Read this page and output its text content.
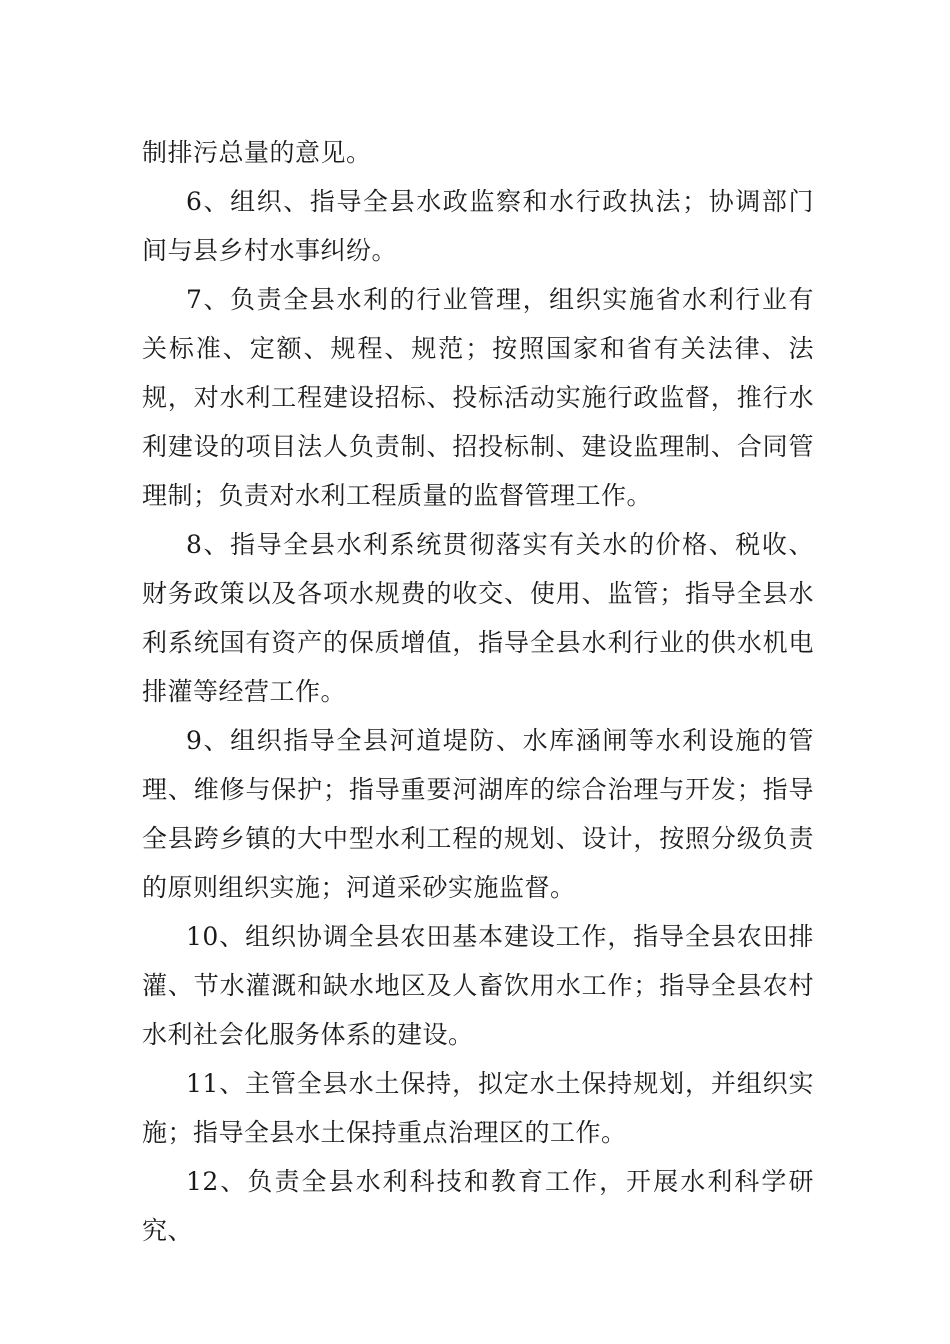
制排污总量的意见。

6、组织、指导全县水政监察和水行政执法；协调部门间与县乡村水事纠纷。

7、负责全县水利的行业管理，组织实施省水利行业有关标准、定额、规程、规范；按照国家和省有关法律、法规，对水利工程建设招标、投标活动实施行政监督，推行水利建设的项目法人负责制、招投标制、建设监理制、合同管理制；负责对水利工程质量的监督管理工作。

8、指导全县水利系统贯彻落实有关水的价格、税收、财务政策以及各项水规费的收交、使用、监管；指导全县水利系统国有资产的保质增值，指导全县水利行业的供水机电排灌等经营工作。

9、组织指导全县河道堤防、水库涵闸等水利设施的管理、维修与保护；指导重要河湖库的综合治理与开发；指导全县跨乡镇的大中型水利工程的规划、设计，按照分级负责的原则组织实施；河道采砂实施监督。

10、组织协调全县农田基本建设工作，指导全县农田排灌、节水灌溉和缺水地区及人畜饮用水工作；指导全县农村水利社会化服务体系的建设。

11、主管全县水土保持，拟定水土保持规划，并组织实施；指导全县水土保持重点治理区的工作。

12、负责全县水利科技和教育工作，开展水利科学研究、
